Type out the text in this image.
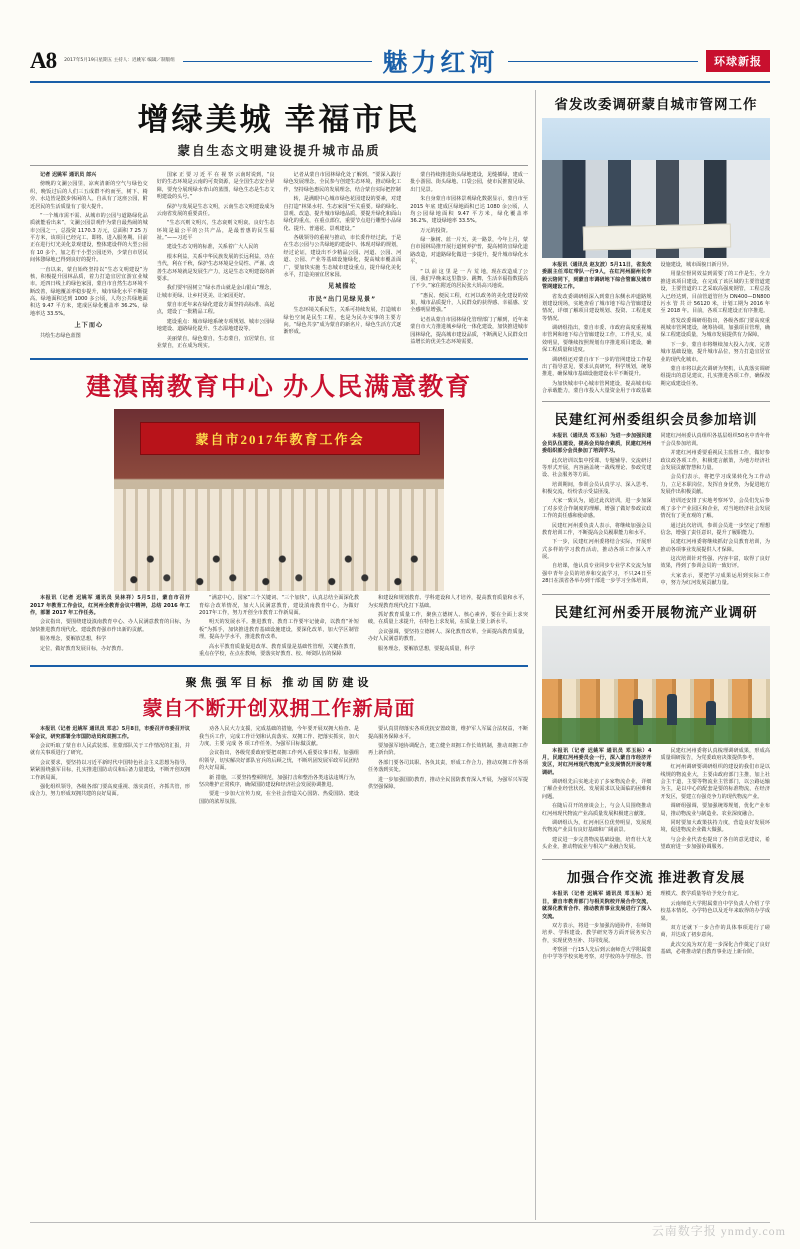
A8 2017年5月19日星期五 主持人：迟姚军 编辑／制版组	魅力红河	环球新报
增绿美城 幸福市民
蒙自生态文明建设提升城市品质

记者 迟姚军 通讯员 郎兴

傍晚的文澜公园里，凉爽清新的空气与绿色交织，晚饭过后的人们三五成群不约而至，树下、椅旁、水边皆是散步休闲的人。自从有了这座公园，附近居民的生活质量有了很大提升。

“一个城市需不需、从城市的公园与道路绿化品质就能看出来”，文澜公园景观作为蒙自最热闹的城市公园之一，总投资 1170.3 万元，总面积 7 25 万平方米，该项目已经完工、即将、进入服务期。目前正在进行灯光美化景观建设，整体建设样的大型公园有 10 多个，加之若干小型公园还外，少蒙自市居民间休憩绿地已得到良好的提升。

一直以来，蒙自始终坚持以“生态文明建设”为核，积极提升园林品质，着力打造宜居宜游宜业城市。近四日线上的绿色家园，蒙自市自然生态环境不断改善，绿地覆盖率稳步提升，城市绿化水平不断提高。绿地面积达到 1000 多公顷，人均公共绿地面积达 9.47 平方米，建成区绿化覆盖率 36.2%，绿地率达 33.5%。

上下而心

共绘生态绿色蓝图

国家 正 要 习 近 平 在 视 察 云南时说到，“良好的生态环境是云南的可贵资源，是全国生态安全屏障，要充分展现绿水青山的蓝图，绿色生态是生态文明建设的头号。”

保护与发展是生态文明，云南生态文明建设成为云南省发展的重要责任。

“生态兴则文明兴，生态衰则文明衰。良好生态环境是最公平的公共产品，是最普惠的民生福祉。”——习近平

建设生态文明的标准，关系着广大人民的

根本利益，关系中华民族发展的长远利益，功在当代，利在千秋，保护生态环境是全局性、严谨、改善生态环境就是发展生产力，这是生态文明建设的新要求。

我们要牢固树立“绿水青山就是金山银山”理念，让城市更绿、让乡村更美、让家园更好。

蒙自市近年来在绿化建设方面坚持高标准、高起点，建设了一批精品工程。

建设重点：城市绿地系统专项规划、城市公园绿地建设、道路绿化提升、生态湿地建设等。

美丽蒙自，绿色蒙自，生态蒙自，宜居蒙自，宜业蒙自，正在成为现实。

记者从蒙自市园林绿化处了解到，“要深入践行绿色发展理念，全民参与创建生态环境，推动绿化工作，坚持绿色惠民的发展理念，结合蒙自实际把控制

转，是满眼中心城市绿色花园建设的要素，对建自打造“林果水村、生态家园”至关重要。绿的绿化、景观、改造、提升城市绿地品质，要提升绿化和面山绿化的重点，在重点部位，重要节点进行雕塑小品绿化、提升、普通花、景观建设。”

各级领导的重视与推动，市长委作经过此，于是在生态公园与公共绿地的建设中、体现对绿的规划，经过论证，建设出不少精品公园、河道、公园、河道、公园、产业等基础设施绿化，提高城市覆盖面广，要加快实施 生态城市建设重点，提升绿化美化水平，打造美丽宜居家园。

见城描绘
市民“出门见绿见景”

生态环境关系民生，关系可持续发展，打造城市绿色空间是民生工程，也是为民办实事的主要方向。“绿色共享”成为蒙自的新名片，绿色生活方式逐渐形成。

蒙自持续推进街头绿地建设，见缝插绿，建成一批小游园、街头绿地、口袋公园，使市民推窗见绿、出门见景。

朱自身蒙自市园林景观绿化数据显示，蒙自市至 2015 年底 建成区绿地面积已达 1080 余公顷，人均公园绿地面积 9.47 平方米，绿化覆盖率 36.2%，建设绿地率 33.5%。

万元的投资。

绿一脉树、蓝一片天、美一路景，今年上月，蒙自市园林局推开展行道树养护普，提高树的宜绿化道路改造，对道路绿化做进一步提升，提升城市绿化水平。

“ 以 前 这 里 是 一 片 荒 地，现在改造成了公园，我们早晚来这里散步、跳舞，生活幸福指数提高了不少。”家住附近的居民张大妈高兴地说。

“惠民、便民工程，红河以政务的美化建设的效果，城市品质提升，人民群众的获得感、幸福感、安全感明显增强。”

记者从蒙自市园林绿化管理部门了解到，近年来蒙自市大力推进城乡绿化一体化建设，加快推进城市园林绿化，提高城市建设品质，不断满足人民群众日益增长的优美生态环境需要。

建滇南教育中心 办人民满意教育
蒙自市2017年教育工作会

本报讯（记者 迟姚军 通讯员 吴林祥）5月5日，蒙自市召开 2017 年教育工作会议，红河州全教育会议中精神，总结 2016 年工作，部署 2017 年工作任务。

会议指出，要围绕建设滇南教育中心、办人民满意教育的目标，为加快推进教育现代化、建设教育强市作出新的贡献。

服务理念，要解放思想，科学

定位，做好教育发展目标，办好教育。

“满意中心，国家”三个关键词、“三个加快”，认真总结全面深化教育综合改革情况，加大人民满意教育，建设滇南教育中心，为做好2017年工作，努力开创全市教育工作新局面。

明天的发展水平。推进教育、教育工作要牢记使命，以教育“补短板”为抓手，加快推进教育基础设施建设，要深化改革，加大学区制管理，提高办学水平，推进教育改革。

高水平教育质量促进改革、教育质量是基础性管理，关键在教育，重点在学校，在点在教师，要落实好教育、校、师资队伍的保障

和建设和规划教育、学科建设和人才培养，提高教育质量和水平，为实现教育现代化打下基础。

抓好教育质量工作，聚焦立德树人、核心素养，要在全面上求突破，在质量上求提升，在特色上求发展，在质量上要上新水平。

会议强调，要坚持立德树人、深化教育改革，全面提高教育质量，办好人民满意的教育。

服务理念，要解放思想，要提高质量，科学

聚焦强军目标 推动国防建设
蒙自不断开创双拥工作新局面

本报讯（记者 迟姚军 通讯员 邓志）5月8日，市委召开市委召开议军会议，研究部署全市国防动员和双拥工作。

会议听取了蒙自市人民武装部、驻蒙部队关于工作情况的汇报，并就有关事项进行了研究。

会议要求，要坚持以习近平新时代中国特色社会主义思想为指导，紧紧围绕强军目标，扎实推进国防动员和后备力量建设，不断开创双拥工作新局面。

强化组织领导，各级各部门要高度重视、落实责任，齐抓共管，形成合力，努力形成双拥共建的良好局面。

劝各人民大力支援，完成基础的措施，今年要开展双拥大检查、是我当兵工作，完成工作计划和认真落实、双拥工作、把落实抓实，加大力度，主要 完成 各 项工作任务，为强军目标做贡献。

会议指出，各级党委政府要把双拥工作列入重要议事日程，加强组织领导，切实解决好部队官兵的后顾之忧，不断巩固发展军政军民团结的大好局面。

新 措施，三要坚持整顿规范，加强打击和整治各类违法违规行为，坚决维护正常秩序，确保国防建设和经济社会发展协调推进。

要进一步加大宣传力度，在全社会营造关心国防、热爱国防、建设国防的浓厚氛围。

要认真贯彻落实各项优抚安置政策，维护军人军属合法权益，不断提高服务保障水平。

要加强军地协调配合，建立健全双拥工作长效机制，推动双拥工作再上新台阶。

各部门要各司其职、各负其责，形成工作合力，推动双拥工作各项任务落到实处。

进一步加强国防教育，推动全民国防教育深入开展，为强军兴军提供坚强保障。

省发改委调研蒙自城市管网工作

本报讯（通讯员 赵友波）5月11日，省发改委副主任邓红带队一行9人，在红河州副州长李毅云陪同下，到蒙自市调研地下综合管廊及城市管网建设工作。

省发改委调研组深入到蒙自东侧水冲道路规划建设现场，实地查看了城市地下综合管廊建设情况，详细了解项目建设规划、投资、工程进度等情况。

调研组指出，蒙自市委、市政府高度重视城市管网和地下综合管廊建设工作，工作扎实，成效明显，要继续按照规划有序推进项目建设，确保工程质量和进度。

调研组还对蒙自市下一步的管网建设工作提出了指导意见，要求认真研究，科学规划，统筹推进，确保城市基础设施建设水平不断提升。

为加快城市中心城市管网建设，提高城市综合承载能力，蒙自市投入大量资金用于市政基础设施建设，城市面貌日新月异。

用量位督同效益到需要了的工作是生，全力推进该项目建设，在完成了该区域的主要管道建设，主要管道的工艺采取高强度钢管，工程总投入已经达到，目前管道管径为 DN400—DN800 污水 管 共 计 56120 米，计划工期为 2016 年至 2018 年。目前，各项工程建设正有序推进。

省发改委调研组指出，各级各部门要高度重视城市管网建设，统筹协调，加强项目管理，确保工程建设质量，为城市发展提供有力保障。

下一步，蒙自市将继续加大投入力度，完善城市基础设施，提升城市品位，努力打造宜居宜业的现代化城市。

蒙自市将以此次调研为契机，认真落实调研组提出的意见建议，扎实推进各项工作，确保按期完成建设任务。

民建红河州委组织会员参加培训

本报讯（通讯员 邓玉标）为进一步加强民建会员队伍建设，提高会员综合素质，民建红河州委组织部分会员参加了培训学习。

此次培训以集中授课、专题辅导、交流研讨等形式开展，内容涵盖统一战线理论、参政党建设、社会服务等方面。

培训期间，参训会员认真学习、深入思考、积极交流，纷纷表示受益匪浅。

大家一致认为，通过此次培训，进一步加深了对多党合作制度的理解，增强了做好参政议政工作的责任感和使命感。

民建红河州委负责人表示，将继续加强会员教育培训工作，不断提高会员履职能力和水平。

下一步，民建红河州委将结合实际，开展形式多样的学习教育活动，推动各项工作深入开展。

自培课，他认真专业同步专业学术交流为加强中青年会员的培养和交流学习，不只24日至28日在滇省各举办到干部进一步学习全体培训，同建红河州委认真组织各基层组织50名中青年骨干会员参加培训。

并建红河州委要重视民主监督工作，做好参政议政各项工作，积极建言献策，为地方经济社会发展贡献智慧和力量。

会员们表示，将把学习成果转化为工作动力，立足本职岗位，发挥自身优势，为促进地方发展作出积极贡献。

培训还安排了实地考察环节，会员们先后参观了多个产业园区和企业，对当地经济社会发展情况有了更直观的了解。

通过此次培训，参训会员进一步坚定了理想信念，增强了责任意识，提升了履职能力。

民建红河州委将继续抓好会员教育培训，为推动各项事业发展提供人才保障。

这次培训针对性强、内容丰富，取得了良好效果，得到了参训会员的一致好评。

大家表示，要把学习成果运用到实际工作中，努力为红河发展贡献力量。

民建红河州委开展物流产业调研

本报讯（记者 迟姚军 通讯员 邓玉标）4月，民建红河州委员会一行，深入蒙自市经济开发区，对红河州现代物流产业发展情况开展专题调研。

调研组先后实地走访了多家物流企业，详细了解企业经营状况、发展需求以及面临的困难和问题。

在随后召开的座谈会上，与会人员围绕推动红河州现代物流产业高质量发展积极建言献策。

调研组认为，红河州区位优势明显，发展现代物流产业具有良好基础和广阔前景。

建议进一步完善物流基础设施，培育壮大龙头企业，推动物流业与相关产业融合发展。

民建红河州委将认真梳理调研成果，形成高质量调研报告，为党委政府决策提供参考。

红河州调研要调研组织的建设的我们市是以线规的物流业大，主要由政府部门主推，加上社会主干道，主要等物流业主管部门，以公路运输为主，是以中心的配套是要的标准物流，在经济开发区，要建立有强竞争力的现代物流产业。

调研组强调，要加强统筹规划，优化产业布局，推动物流业与制造业、农业深度融合。

同时要加大政策扶持力度，营造良好发展环境，促进物流企业做大做强。

与会企业代表也提出了各自的意见建议，希望政府进一步加强协调服务。

加强合作交流 推进教育发展

本报讯（记者 迟姚军 通讯员 邓玉标）近日，蒙自市教育部门与相关院校开展合作交流，就深化教育合作、推动教育事业发展进行了深入交流。

双方表示，将进一步加强沟通协作，在师资培养、学科建设、教学研究等方面开展务实合作，实现优势互补、共同发展。

考察团一行15人先后到云南师范大学附属蒙自中学等学校实地考察，对学校的办学理念、管理模式、教学质量等给予充分肯定。

云南师范大学附属蒙自中学负责人介绍了学校基本情况、办学特色以及近年来取得的办学成果。

双方还就下一步合作的具体事项进行了磋商，并达成了初步意向。

此次交流为双方进一步深化合作奠定了良好基础，必将推动蒙自教育事业迈上新台阶。

云南数字报 ynmdy.com
